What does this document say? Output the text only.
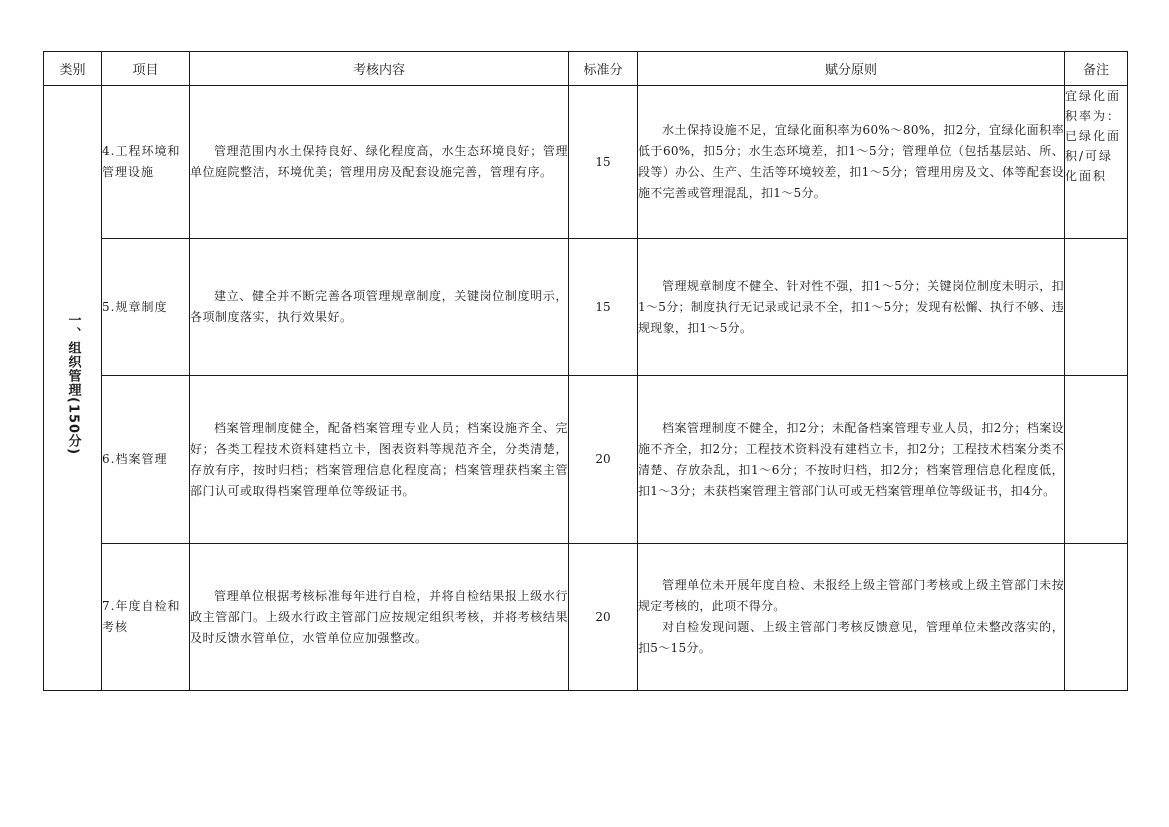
类别	项目	考核内容	标准分	赋分原则	备注
一、组织管理(150分)	4.工程环境和管理设施	管理范围内水土保持良好、绿化程度高，水生态环境良好；管理单位庭院整洁，环境优美；管理用房及配套设施完善，管理有序。	15	水土保持设施不足，宜绿化面积率为60%～80%，扣2分，宜绿化面积率低于60%，扣5分；水生态环境差，扣1～5分；管理单位（包括基层站、所、段等）办公、生产、生活等环境较差，扣1～5分；管理用房及文、体等配套设施不完善或管理混乱，扣1～5分。	宜绿化面积率为：已绿化面积/可绿化面积
	5.规章制度	建立、健全并不断完善各项管理规章制度，关键岗位制度明示，各项制度落实，执行效果好。	15	管理规章制度不健全、针对性不强，扣1～5分；关键岗位制度未明示，扣1～5分；制度执行无记录或记录不全，扣1～5分；发现有松懈、执行不够、违规现象，扣1～5分。	

	6.档案管理	档案管理制度健全，配备档案管理专业人员；档案设施齐全、完好；各类工程技术资料建档立卡，图表资料等规范齐全，分类清楚，存放有序，按时归档；档案管理信息化程度高；档案管理获档案主管部门认可或取得档案管理单位等级证书。	20	档案管理制度不健全，扣2分；未配备档案管理专业人员，扣2分；档案设施不齐全，扣2分；工程技术资料没有建档立卡，扣2分；工程技术档案分类不清楚、存放杂乱，扣1～6分；不按时归档，扣2分；档案管理信息化程度低，扣1～3分；未获档案管理主管部门认可或无档案管理单位等级证书，扣4分。	

	7.年度自检和考核	管理单位根据考核标准每年进行自检，并将自检结果报上级水行政主管部门。上级水行政主管部门应按规定组织考核，并将考核结果及时反馈水管单位，水管单位应加强整改。	20	管理单位未开展年度自检、未报经上级主管部门考核或上级主管部门未按规定考核的，此项不得分。

对自检发现问题、上级主管部门考核反馈意见，管理单位未整改落实的，扣5～15分。	
